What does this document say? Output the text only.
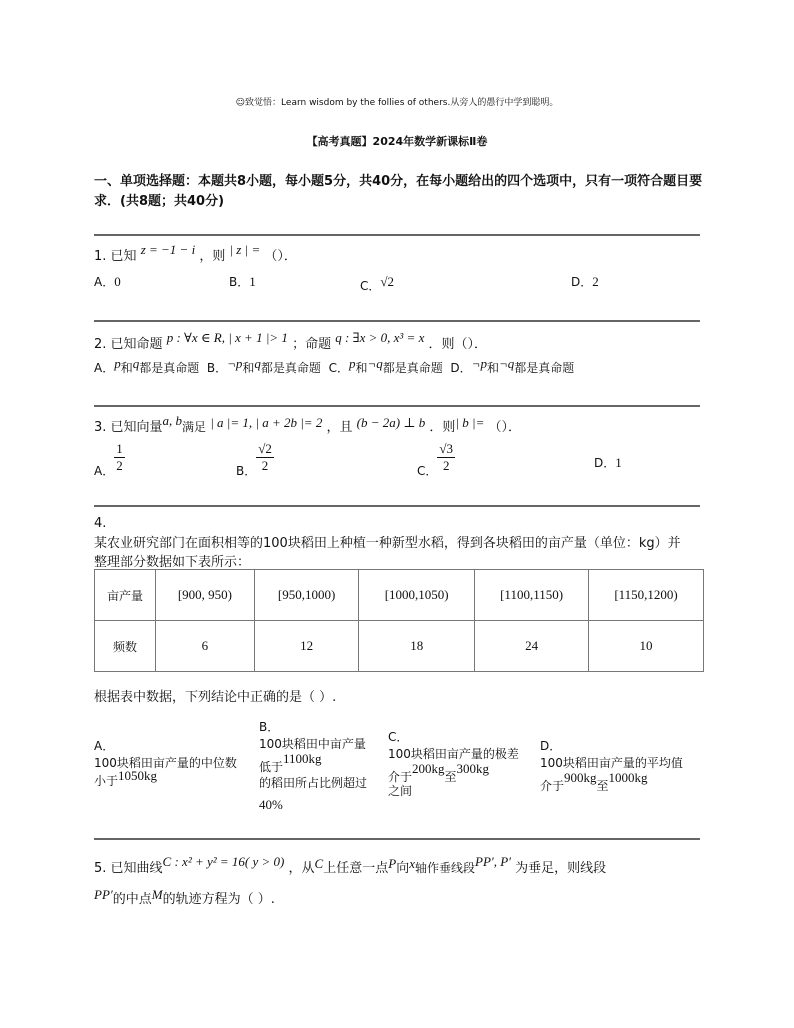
☺致觉悟：Learn wisdom by the follies of others.从旁人的愚行中学到聪明。
【高考真题】2024年数学新课标Ⅱ卷
一、单项选择题：本题共8小题，每小题5分，共40分，在每小题给出的四个选项中，只有一项符合题目要求．(共8题；共40分)
1. 已知 z = −1 − i ，则 | z | = （）．
A．0	B．1	C．√2	D．2
2. 已知命题 p : ∀x ∈ R, | x + 1 |> 1 ；命题 q : ∃x > 0, x³ = x ．则（）．
A．p和q都是真命题 B．¬p和q都是真命题 C．p和¬q都是真命题 D．¬p和¬q都是真命题
3. 已知向量a, b满足 | a |= 1, | a + 2b |= 2 ，且 (b − 2a) ⊥ b ．则| b |= （）．
A． $\frac{1}{2}$	B． $\frac{√2}{2}$	C． $\frac{√3}{2}$	D．1
4.
某农业研究部门在面积相等的100块稻田上种植一种新型水稻，得到各块稻田的亩产量（单位：kg）并
整理部分数据如下表所示：
亩产量	[900, 950)	[950,1000)	[1000,1050)	[1100,1150)	[1150,1200)
频数	6	12	18	24	10
根据表中数据，下列结论中正确的是（ ）.
A．
100块稻田亩产量的中位数
小于1050kg
B．
100块稻田中亩产量
低于1100kg
的稻田所占比例超过
40%
C．
100块稻田亩产量的极差
介于200kg至300kg
之间
D．
100块稻田亩产量的平均值
介于900kg至1000kg
5. 已知曲线C : x² + y² = 16( y > 0) ，从C上任意一点P向x轴作垂线段PP′, P′ 为垂足，则线段
PP′的中点M的轨迹方程为（ ）.
